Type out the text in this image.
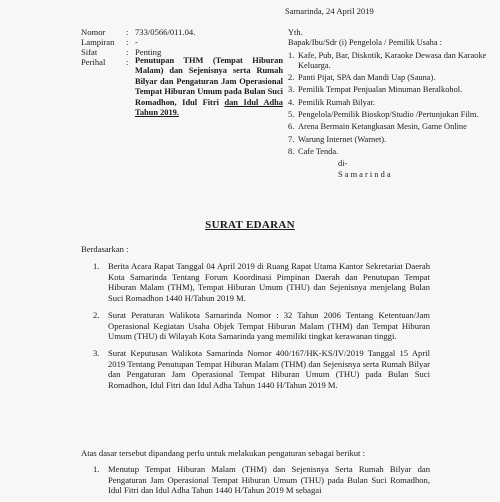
Samarinda, 24 April 2019
Nomor : 733/0566/011.04.
Lampiran : -
Sifat	: Penting
Perihal : Penutupan THM (Tempat Hiburan Malam) dan Sejenisnya serta Rumah Bilyar dan Pengaturan Jam Operasional Tempat Hiburan Umum pada Bulan Suci Romadhon, Idul Fitri dan Idul Adha Tahun 2019.
Yth.
Bapak/Ibu/Sdr (i) Pengelola / Pemilik Usaha :
1. Kafe, Pub, Bar, Diskotik, Karaoke Dewasa dan Karaoke Keluarga.
2. Panti Pijat, SPA dan Mandi Uap (Sauna).
3. Pemilik Tempat Penjualan Minuman Beralkohol.
4. Pemilik Rumah Bilyar.
5. Pengelola/Pemilik Bioskop/Studio /Pertunjukan Film.
6. Arena Bermain Ketangkasan Mesin, Game Online
7. Warung Internet (Warnet).
8. Cafe Tenda.
di-
S a m a r i n d a
SURAT EDARAN
Berdasarkan :
1. Berita Acara Rapat Tanggal 04 April 2019 di Ruang Rapat Utama Kantor Sekretariat Daerah Kota Samarinda Tentang Forum Koordinasi Pimpinan Daerah dan Penutupan Tempat Hiburan Malam (THM), Tempat Hiburan Umum (THU) dan Sejenisnya menjelang Bulan Suci Romadhon 1440 H/Tahun 2019 M.
2. Surat Peraturan Walikota Samarinda Nomor : 32 Tahun 2006 Tentang Ketentuan/Jam Operasional Kegiatan Usaha Objek Tempat Hiburan Malam (THM) dan Tempat Hiburan Umum (THU) di Wilayah Kota Samarinda yang memiliki tingkat kerawanan tinggi.
3. Surat Keputusan Walikota Samarinda Nomor 400/167/HK-KS/IV/2019 Tanggal 15 April 2019 Tentang Penutupan Tempat Hiburan Malam (THM) dan Sejenisnya serta Rumah Bilyar dan Pengaturan Jam Operasional Tempat Hiburan Umum (THU) pada Bulan Suci Romadhon, Idul Fitri dan Idul Adha Tahun 1440 H/Tahun 2019 M.
Atas dasar tersebut dipandang perlu untuk melakukan pengaturan sebagai berikut :
1. Menutup Tempat Hiburan Malam (THM) dan Sejenisnya Serta Rumah Bilyar dan Pengaturan Jam Operasional Tempat Hiburan Umum (THU) pada Bulan Suci Romadhon, Idul Fitri dan Idul Adha Tahun 1440 H/Tahun 2019 M sebagai
